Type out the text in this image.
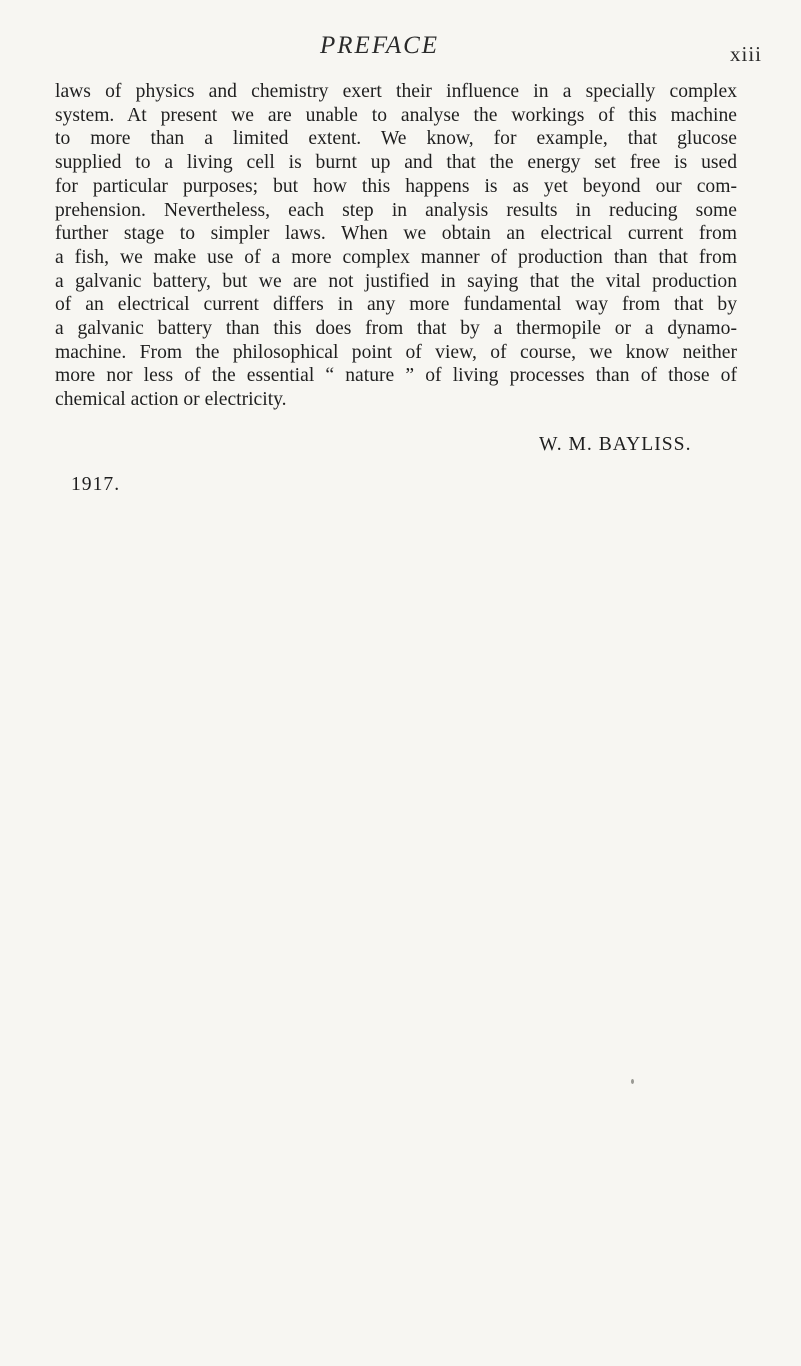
PREFACE	xiii
laws of physics and chemistry exert their influence in a specially complex
system. At present we are unable to analyse the workings of this machine
to more than a limited extent. We know, for example, that glucose
supplied to a living cell is burnt up and that the energy set free is used
for particular purposes; but how this happens is as yet beyond our com-
prehension. Nevertheless, each step in analysis results in reducing some
further stage to simpler laws. When we obtain an electrical current from
a fish, we make use of a more complex manner of production than that from
a galvanic battery, but we are not justified in saying that the vital production
of an electrical current differs in any more fundamental way from that by
a galvanic battery than this does from that by a thermopile or a dynamo-
machine. From the philosophical point of view, of course, we know neither
more nor less of the essential “ nature ” of living processes than of those of
chemical action or electricity.
W. M. BAYLISS.
1917.
